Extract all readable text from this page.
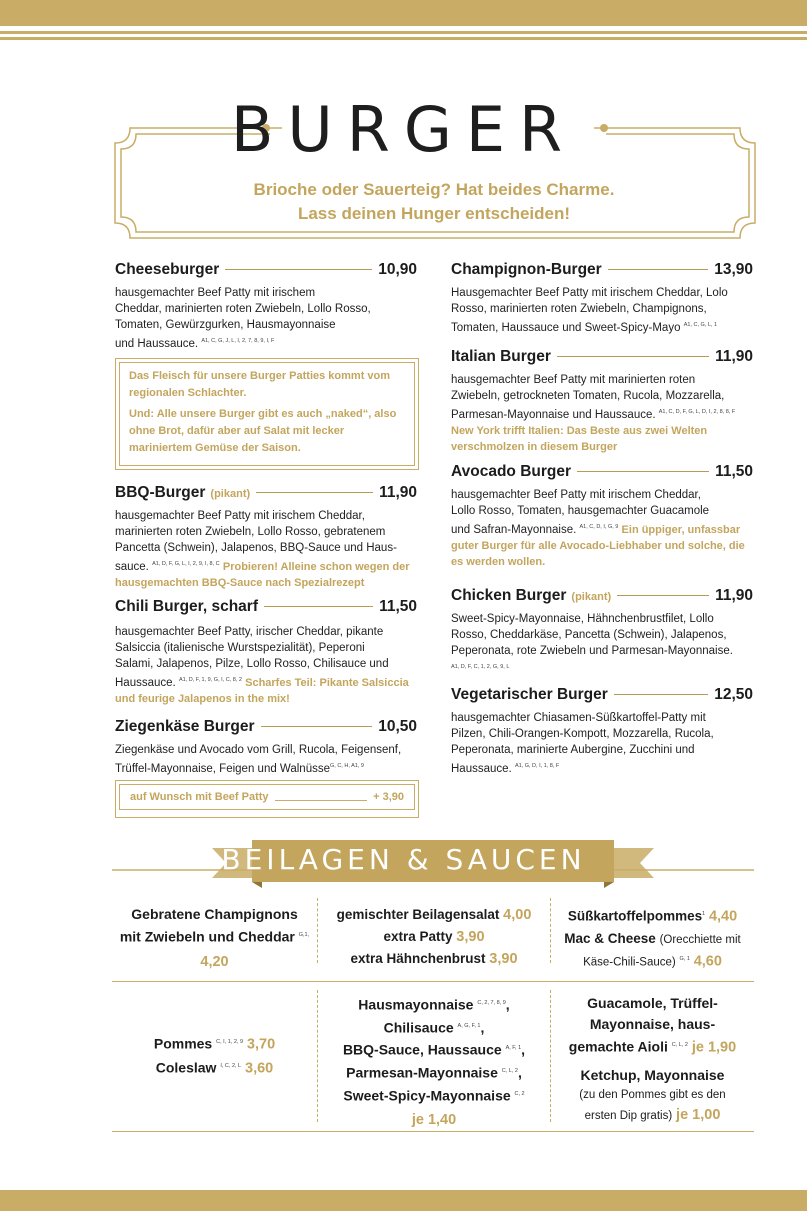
BURGER
Brioche oder Sauerteig? Hat beides Charme.
Lass deinen Hunger entscheiden!
Cheeseburger	10,90
hausgemachter Beef Patty mit irischem
Cheddar, marinierten roten Zwiebeln, Lollo Rosso,
Tomaten, Gewürzgurken, Hausmayonnaise
und Haussauce. $^{A1, C, G, J, L, I, 2, 7, 8, 9, I, F}$
Das Fleisch für unsere Burger Patties kommt vom regionalen Schlachter.
Und: Alle unsere Burger gibt es auch „naked“, also ohne Brot, dafür aber auf Salat mit lecker mariniertem Gemüse der Saison.
BBQ-Burger (pikant)	11,90
hausgemachter Beef Patty mit irischem Cheddar,
marinierten roten Zwiebeln, Lollo Rosso, gebratenem
Pancetta (Schwein), Jalapenos, BBQ-Sauce und Haus-
sauce. $^{A1, D, F, G, L, I, 2, 9, I, 8, C}$ Probieren! Alleine schon wegen der hausgemachten BBQ-Sauce nach Spezialrezept
Chili Burger, scharf	11,50
hausgemachter Beef Patty, irischer Cheddar, pikante
Salsiccia (italienische Wurstspezialität), Peperoni
Salami, Jalapenos, Pilze, Lollo Rosso, Chilisauce und
Haussauce. $^{A1, D, F, 1, 9, G, I, C, 8, 2}$ Scharfes Teil: Pikante Salsiccia und feurige Jalapenos in the mix!
Ziegenkäse Burger	10,50
Ziegenkäse und Avocado vom Grill, Rucola, Feigensenf,
Trüffel-Mayonnaise, Feigen und Walnüsse$^{G, C, H, A1, 9}$
auf Wunsch mit Beef Patty	+ 3,90
Champignon-Burger	13,90
Hausgemachter Beef Patty mit irischem Cheddar, Lolo
Rosso, marinierten roten Zwiebeln, Champignons,
Tomaten, Haussauce und Sweet-Spicy-Mayo $^{A1, C, G, L, 1}$
Italian Burger	11,90
hausgemachter Beef Patty mit marinierten roten
Zwiebeln, getrockneten Tomaten, Rucola, Mozzarella,
Parmesan-Mayonnaise und Haussauce. $^{A1, C, D, F, G, L, D, I, 2, 8, 8, F}$
New York trifft Italien: Das Beste aus zwei Welten verschmolzen in diesem Burger
Avocado Burger	11,50
hausgemachter Beef Patty mit irischem Cheddar,
Lollo Rosso, Tomaten, hausgemachter Guacamole
und Safran-Mayonnaise. $^{A1, C, D, I, G, 9}$ Ein üppiger, unfassbar guter Burger für alle Avocado-Liebhaber und solche, die es werden wollen.
Chicken Burger (pikant)	11,90
Sweet-Spicy-Mayonnaise, Hähnchenbrustfilet, Lollo
Rosso, Cheddarkäse, Pancetta (Schwein), Jalapenos,
Peperonata, rote Zwiebeln und Parmesan-Mayonnaise.
$^{A1, D, F, C, 1, 2, G, 9, L}$
Vegetarischer Burger	12,50
hausgemachter Chiasamen-Süßkartoffel-Patty mit
Pilzen, Chili-Orangen-Kompott, Mozzarella, Rucola,
Peperonata, marinierte Aubergine, Zucchini und
Haussauce. $^{A1, G, D, I, 1, 8, F}$
BEILAGEN & SAUCEN
Gebratene Champignons
mit Zwiebeln und Cheddar $^{G,1,}$
4,20
gemischter Beilagensalat 4,00
extra Patty 3,90
extra Hähnchenbrust 3,90
Süßkartoffelpommes$^1$ 4,40
Mac & Cheese (Orecchiette mit
Käse-Chili-Sauce) $^{G, 1}$ 4,60
Pommes $^{C, I, 1, 2, 9}$ 3,70
Coleslaw $^{I, C, 2, L}$ 3,60
Hausmayonnaise $^{C, 2, 7, 8, 9}$,
Chilisauce $^{A, G, F, 1}$,
BBQ-Sauce, Haussauce $^{A, F, 1}$,
Parmesan-Mayonnaise $^{C, L, 2}$,
Sweet-Spicy-Mayonnaise $^{C, 2}$
je 1,40
Guacamole, Trüffel-
Mayonnaise, haus-
gemachte Aioli $^{C, L, 2}$ je 1,90
Ketchup, Mayonnaise
(zu den Pommes gibt es den
ersten Dip gratis) je 1,00
